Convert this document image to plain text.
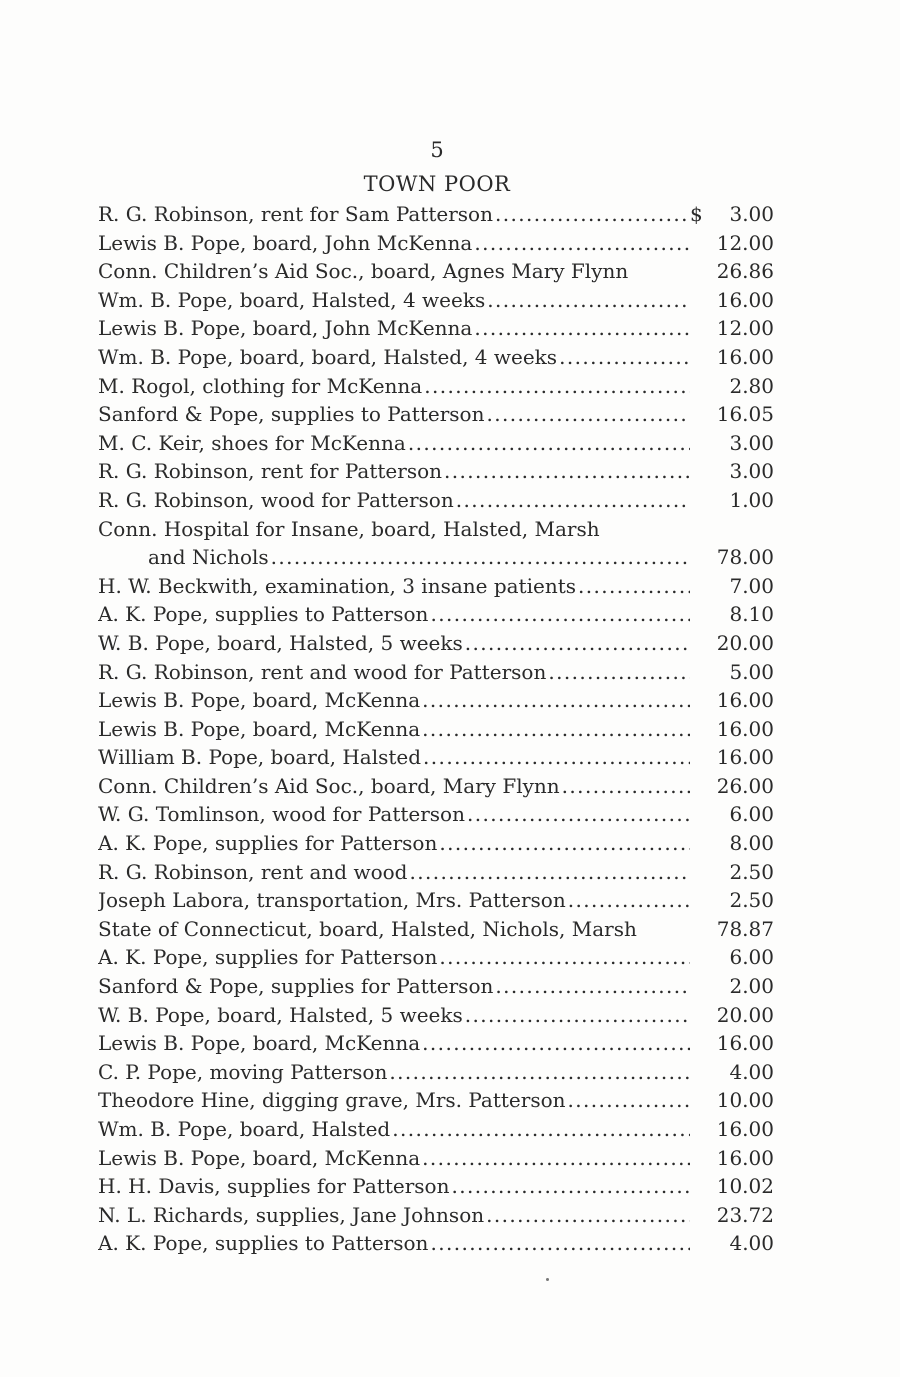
5
TOWN POOR
R. G. Robinson, rent for Sam Patterson .....	$	3.00
Lewis B. Pope, board, John McKenna .....	12.00
Conn. Children’s Aid Soc., board, Agnes Mary Flynn	26.86
Wm. B. Pope, board, Halsted, 4 weeks .....	16.00
Lewis B. Pope, board, John McKenna .....	12.00
Wm. B. Pope, board, board, Halsted, 4 weeks .....	16.00
M. Rogol, clothing for McKenna .....	2.80
Sanford & Pope, supplies to Patterson .....	16.05
M. C. Keir, shoes for McKenna .....	3.00
R. G. Robinson, rent for Patterson .....	3.00
R. G. Robinson, wood for Patterson .....	1.00
Conn. Hospital for Insane, board, Halsted, Marsh
and Nichols .....	78.00
H. W. Beckwith, examination, 3 insane patients .....	7.00
A. K. Pope, supplies to Patterson .....	8.10
W. B. Pope, board, Halsted, 5 weeks .....	20.00
R. G. Robinson, rent and wood for Patterson .....	5.00
Lewis B. Pope, board, McKenna .....	16.00
Lewis B. Pope, board, McKenna .....	16.00
William B. Pope, board, Halsted .....	16.00
Conn. Children’s Aid Soc., board, Mary Flynn .....	26.00
W. G. Tomlinson, wood for Patterson .....	6.00
A. K. Pope, supplies for Patterson .....	8.00
R. G. Robinson, rent and wood .....	2.50
Joseph Labora, transportation, Mrs. Patterson .....	2.50
State of Connecticut, board, Halsted, Nichols, Marsh	78.87
A. K. Pope, supplies for Patterson .....	6.00
Sanford & Pope, supplies for Patterson .....	2.00
W. B. Pope, board, Halsted, 5 weeks .....	20.00
Lewis B. Pope, board, McKenna .....	16.00
C. P. Pope, moving Patterson .....	4.00
Theodore Hine, digging grave, Mrs. Patterson .....	10.00
Wm. B. Pope, board, Halsted .....	16.00
Lewis B. Pope, board, McKenna .....	16.00
H. H. Davis, supplies for Patterson .....	10.02
N. L. Richards, supplies, Jane Johnson .....	23.72
A. K. Pope, supplies to Patterson .....	4.00
